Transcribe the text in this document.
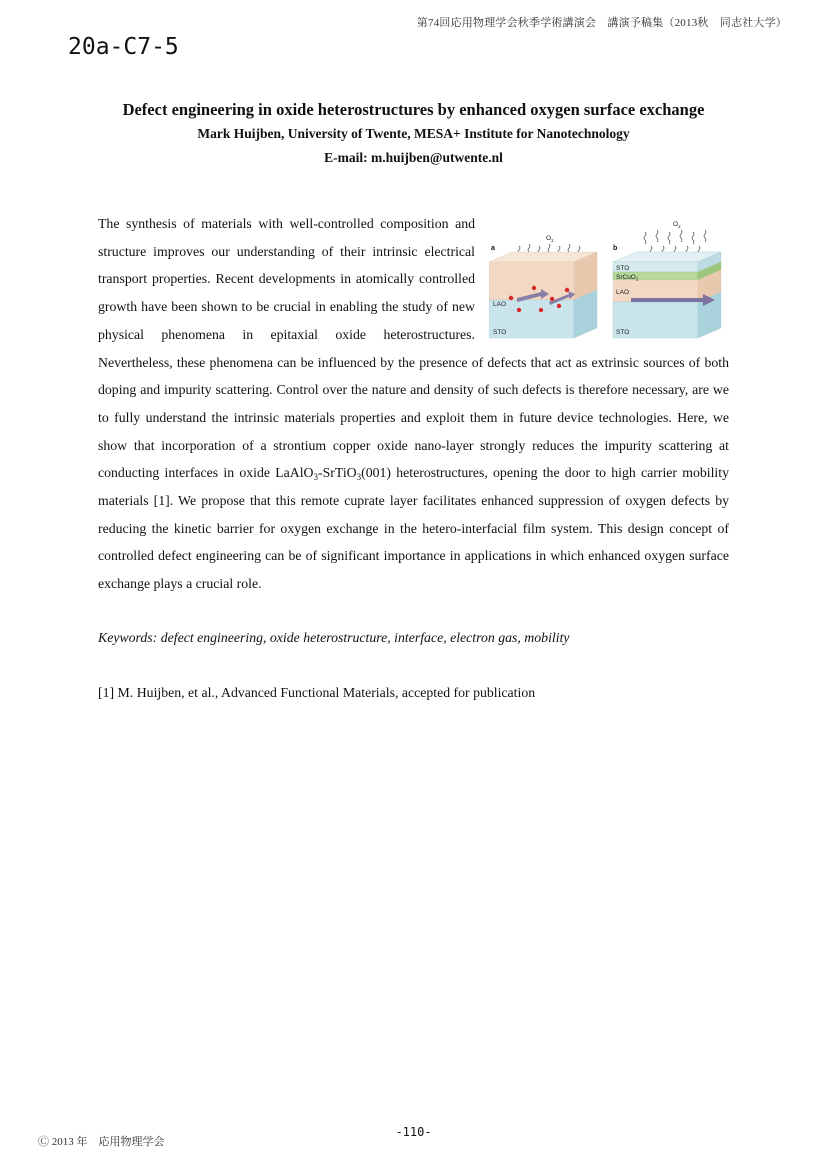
第74回応用物理学会秋季学術講演会　講演予稿集（2013秋　同志社大学）
20a-C7-5

Defect engineering in oxide heterostructures by enhanced oxygen surface exchange

Mark Huijben, University of Twente, MESA+ Institute for Nanotechnology

E-mail: m.huijben@utwente.nl

a
$O_2$
LAO
STO
b
$O_2$
STO
SrCuO$_2$
LAO
STO
The synthesis of materials with well-controlled composition and structure improves our understanding of their intrinsic electrical transport properties. Recent developments in atomically controlled growth have been shown to be crucial in enabling the study of new physical phenomena in epitaxial oxide heterostructures. Nevertheless, these phenomena can be influenced by the presence of defects that act as extrinsic sources of both doping and impurity scattering. Control over the nature and density of such defects is therefore necessary, are we to fully understand the intrinsic materials properties and exploit them in future device technologies. Here, we show that incorporation of a strontium copper oxide nano-layer strongly reduces the impurity scattering at conducting interfaces in oxide LaAlO$_3$-SrTiO$_3$(001) heterostructures, opening the door to high carrier mobility materials [1]. We propose that this remote cuprate layer facilitates enhanced suppression of oxygen defects by reducing the kinetic barrier for oxygen exchange in the hetero-interfacial film system. This design concept of controlled defect engineering can be of significant importance in applications in which enhanced oxygen surface exchange plays a crucial role.
Keywords: defect engineering, oxide heterostructure, interface, electron gas, mobility
[1] M. Huijben, et al., Advanced Functional Materials, accepted for publication
-110-
Ⓒ 2013 年　応用物理学会
